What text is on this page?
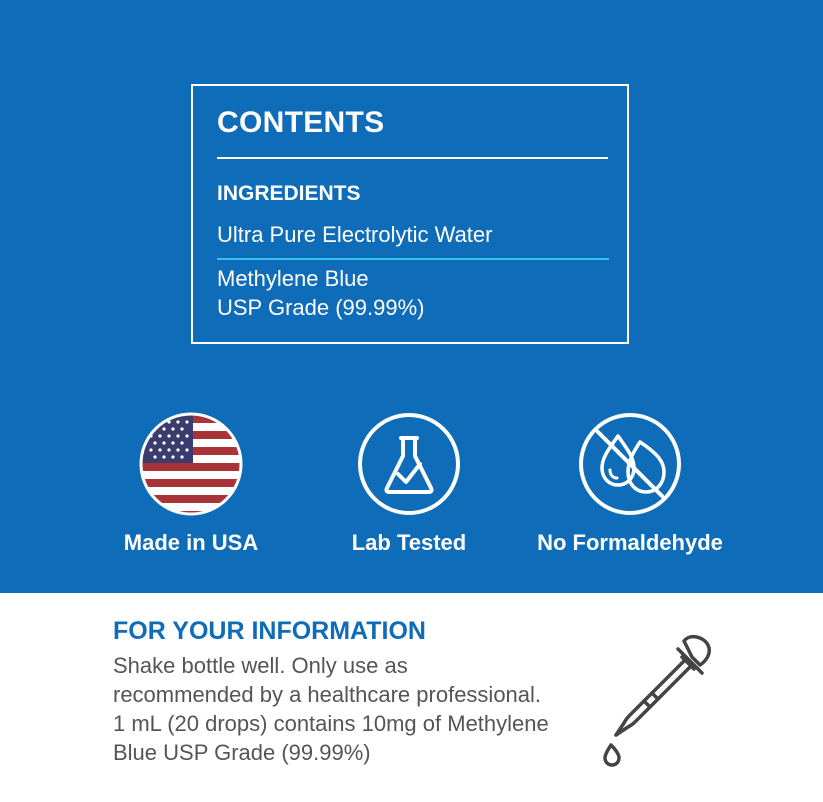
CONTENTS
INGREDIENTS
Ultra Pure Electrolytic Water
Methylene Blue
USP Grade (99.99%)
Made in USA	Lab Tested	No Formaldehyde
FOR YOUR INFORMATION
Shake bottle well. Only use as recommended by a healthcare professional. 1 mL (20 drops) contains 10mg of Methylene Blue USP Grade (99.99%)
